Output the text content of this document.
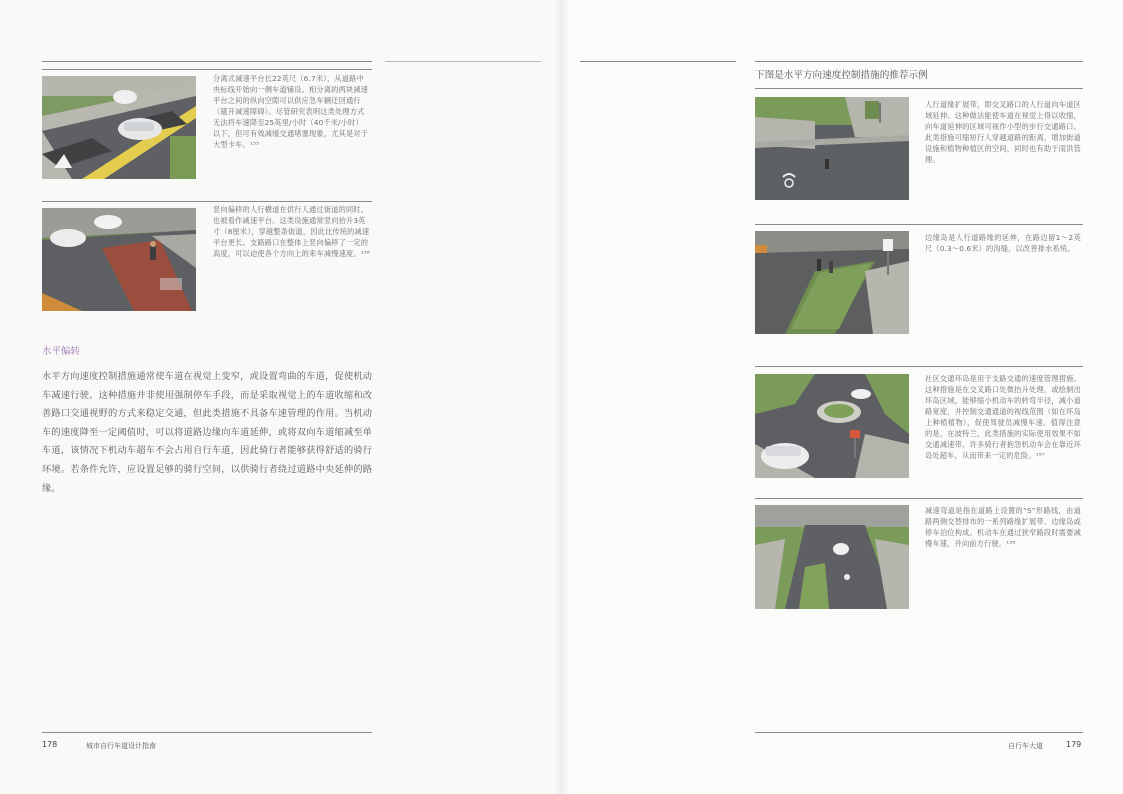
分离式减速平台长22英尺（6.7米），从道路中央标线开始向一侧车道铺设。相分离的两块减速平台之间的纵向空隙可以供应急车辆迂回通行（避开减速障碍）。尽管研究表明这类处理方式无法将车速降至25英里/小时（40千米/小时）以下，但可有效减缓交通堵塞现象，尤其是对于大型卡车。¹⁵⁵
竖向偏移的人行横道在供行人通过街道的同时，也被看作减速平台。这类设施通常竖向抬升3英寸（8厘米），穿越整条街道，因此比传统的减速平台更长。支路路口在整体上竖向偏移了一定的高度，可以迫使各个方向上的来车减慢速度。¹⁵⁶
水平偏转
水平方向速度控制措施通常使车道在视觉上变窄，或设置弯曲的车道，促使机动车减速行驶。这种措施并非使用强制停车手段，而是采取视觉上的车道收缩和改善路口交通视野的方式来稳定交通，但此类措施不具备车速管理的作用。当机动车的速度降至一定阈值时，可以将道路边缘向车道延伸，或将双向车道缩减至单车道，该情况下机动车超车不会占用自行车道，因此骑行者能够获得舒适的骑行环境。若条件允许，应设置足够的骑行空间，以供骑行者绕过道路中央延伸的路缘。
178	城市自行车道设计指南
下图是水平方向速度控制措施的推荐示例
人行道缘扩展带，即交叉路口的人行道向车道区域延伸。这种做法能使车道在视觉上得以收缩，向车道延伸的区域可视作小型的步行交通路口。此类措施可缩短行人穿越道路的距离，增加街道设施和植物种植区的空间，同时也有助于雨洪管理。
边缘岛是人行道路缘的延伸，在路边留1～2英尺（0.3～0.6米）的沟缝，以改善排水系统。
社区交通环岛是用于支路交通的速度管理措施。这种措施是在交叉路口处微抬升处理，或绘制出环岛区域，能够缩小机动车的转弯半径，减小道路宽度，并控制交通通道的视线范围（如在环岛上种植植物），促使驾驶员减慢车速。值得注意的是，在波特兰，此类措施的实际使用效果不如交通减速带。许多骑行者抱怨机动车会在靠近环岛处超车，从而带来一定的危险。¹⁵⁷
减速弯道是指在道路上设置的“S”形路线，由道路两侧交替排布的一系列路缘扩展带、边缘岛或停车泊位构成。机动车在通过狭窄路段时需要减慢车速，并向前方行驶。¹⁵⁸
自行车大道	179
